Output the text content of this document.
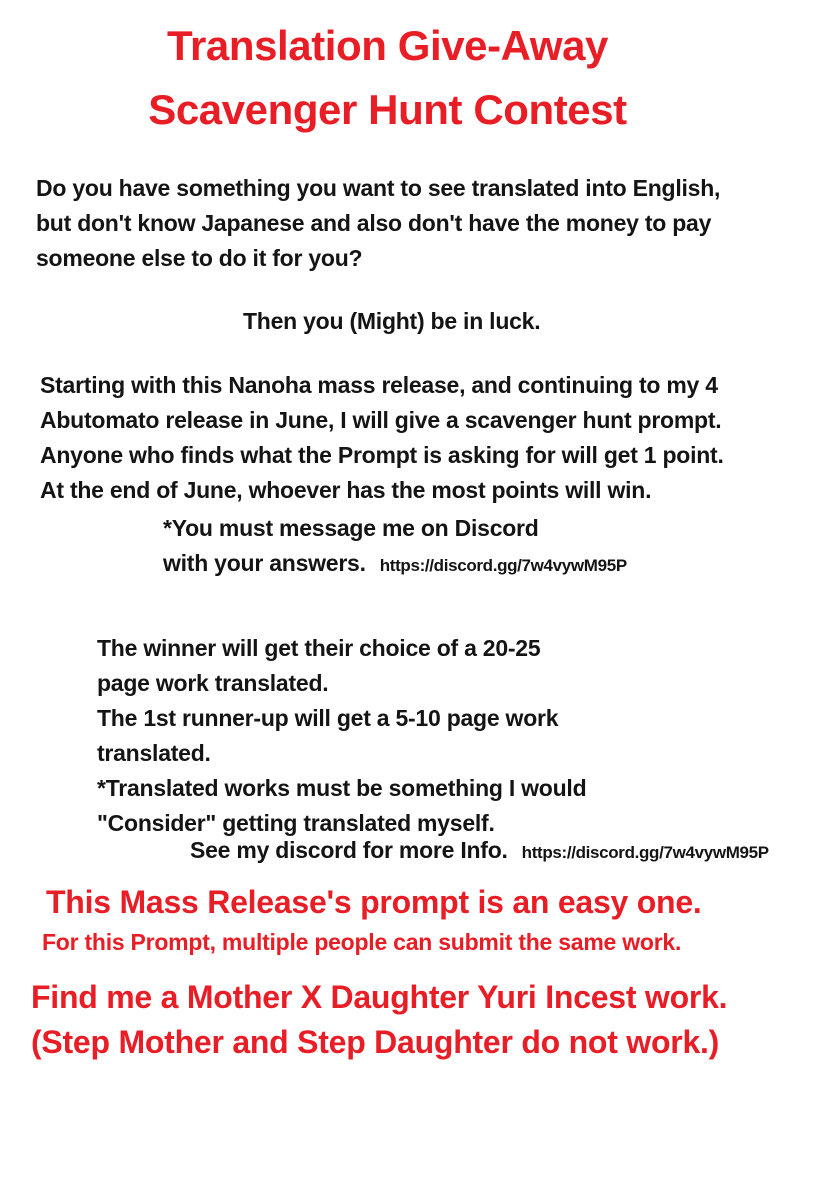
Translation Give-Away
Scavenger Hunt Contest
Do you have something you want to see translated into English,
but don't know Japanese and also don't have the money to pay
someone else to do it for you?
Then you (Might) be in luck.
Starting with this Nanoha mass release, and continuing to my 4
Abutomato release in June, I will give a scavenger hunt prompt.
Anyone who finds what the Prompt is asking for will get 1 point.
At the end of June, whoever has the most points will win.
*You must message me on Discord
with your answers. https://discord.gg/7w4vywM95P
The winner will get their choice of a 20-25
page work translated.
The 1st runner-up will get a 5-10 page work
translated.
*Translated works must be something I would
"Consider" getting translated myself.
See my discord for more Info. https://discord.gg/7w4vywM95P
This Mass Release's prompt is an easy one.
For this Prompt, multiple people can submit the same work.
Find me a Mother X Daughter Yuri Incest work.
(Step Mother and Step Daughter do not work.)
